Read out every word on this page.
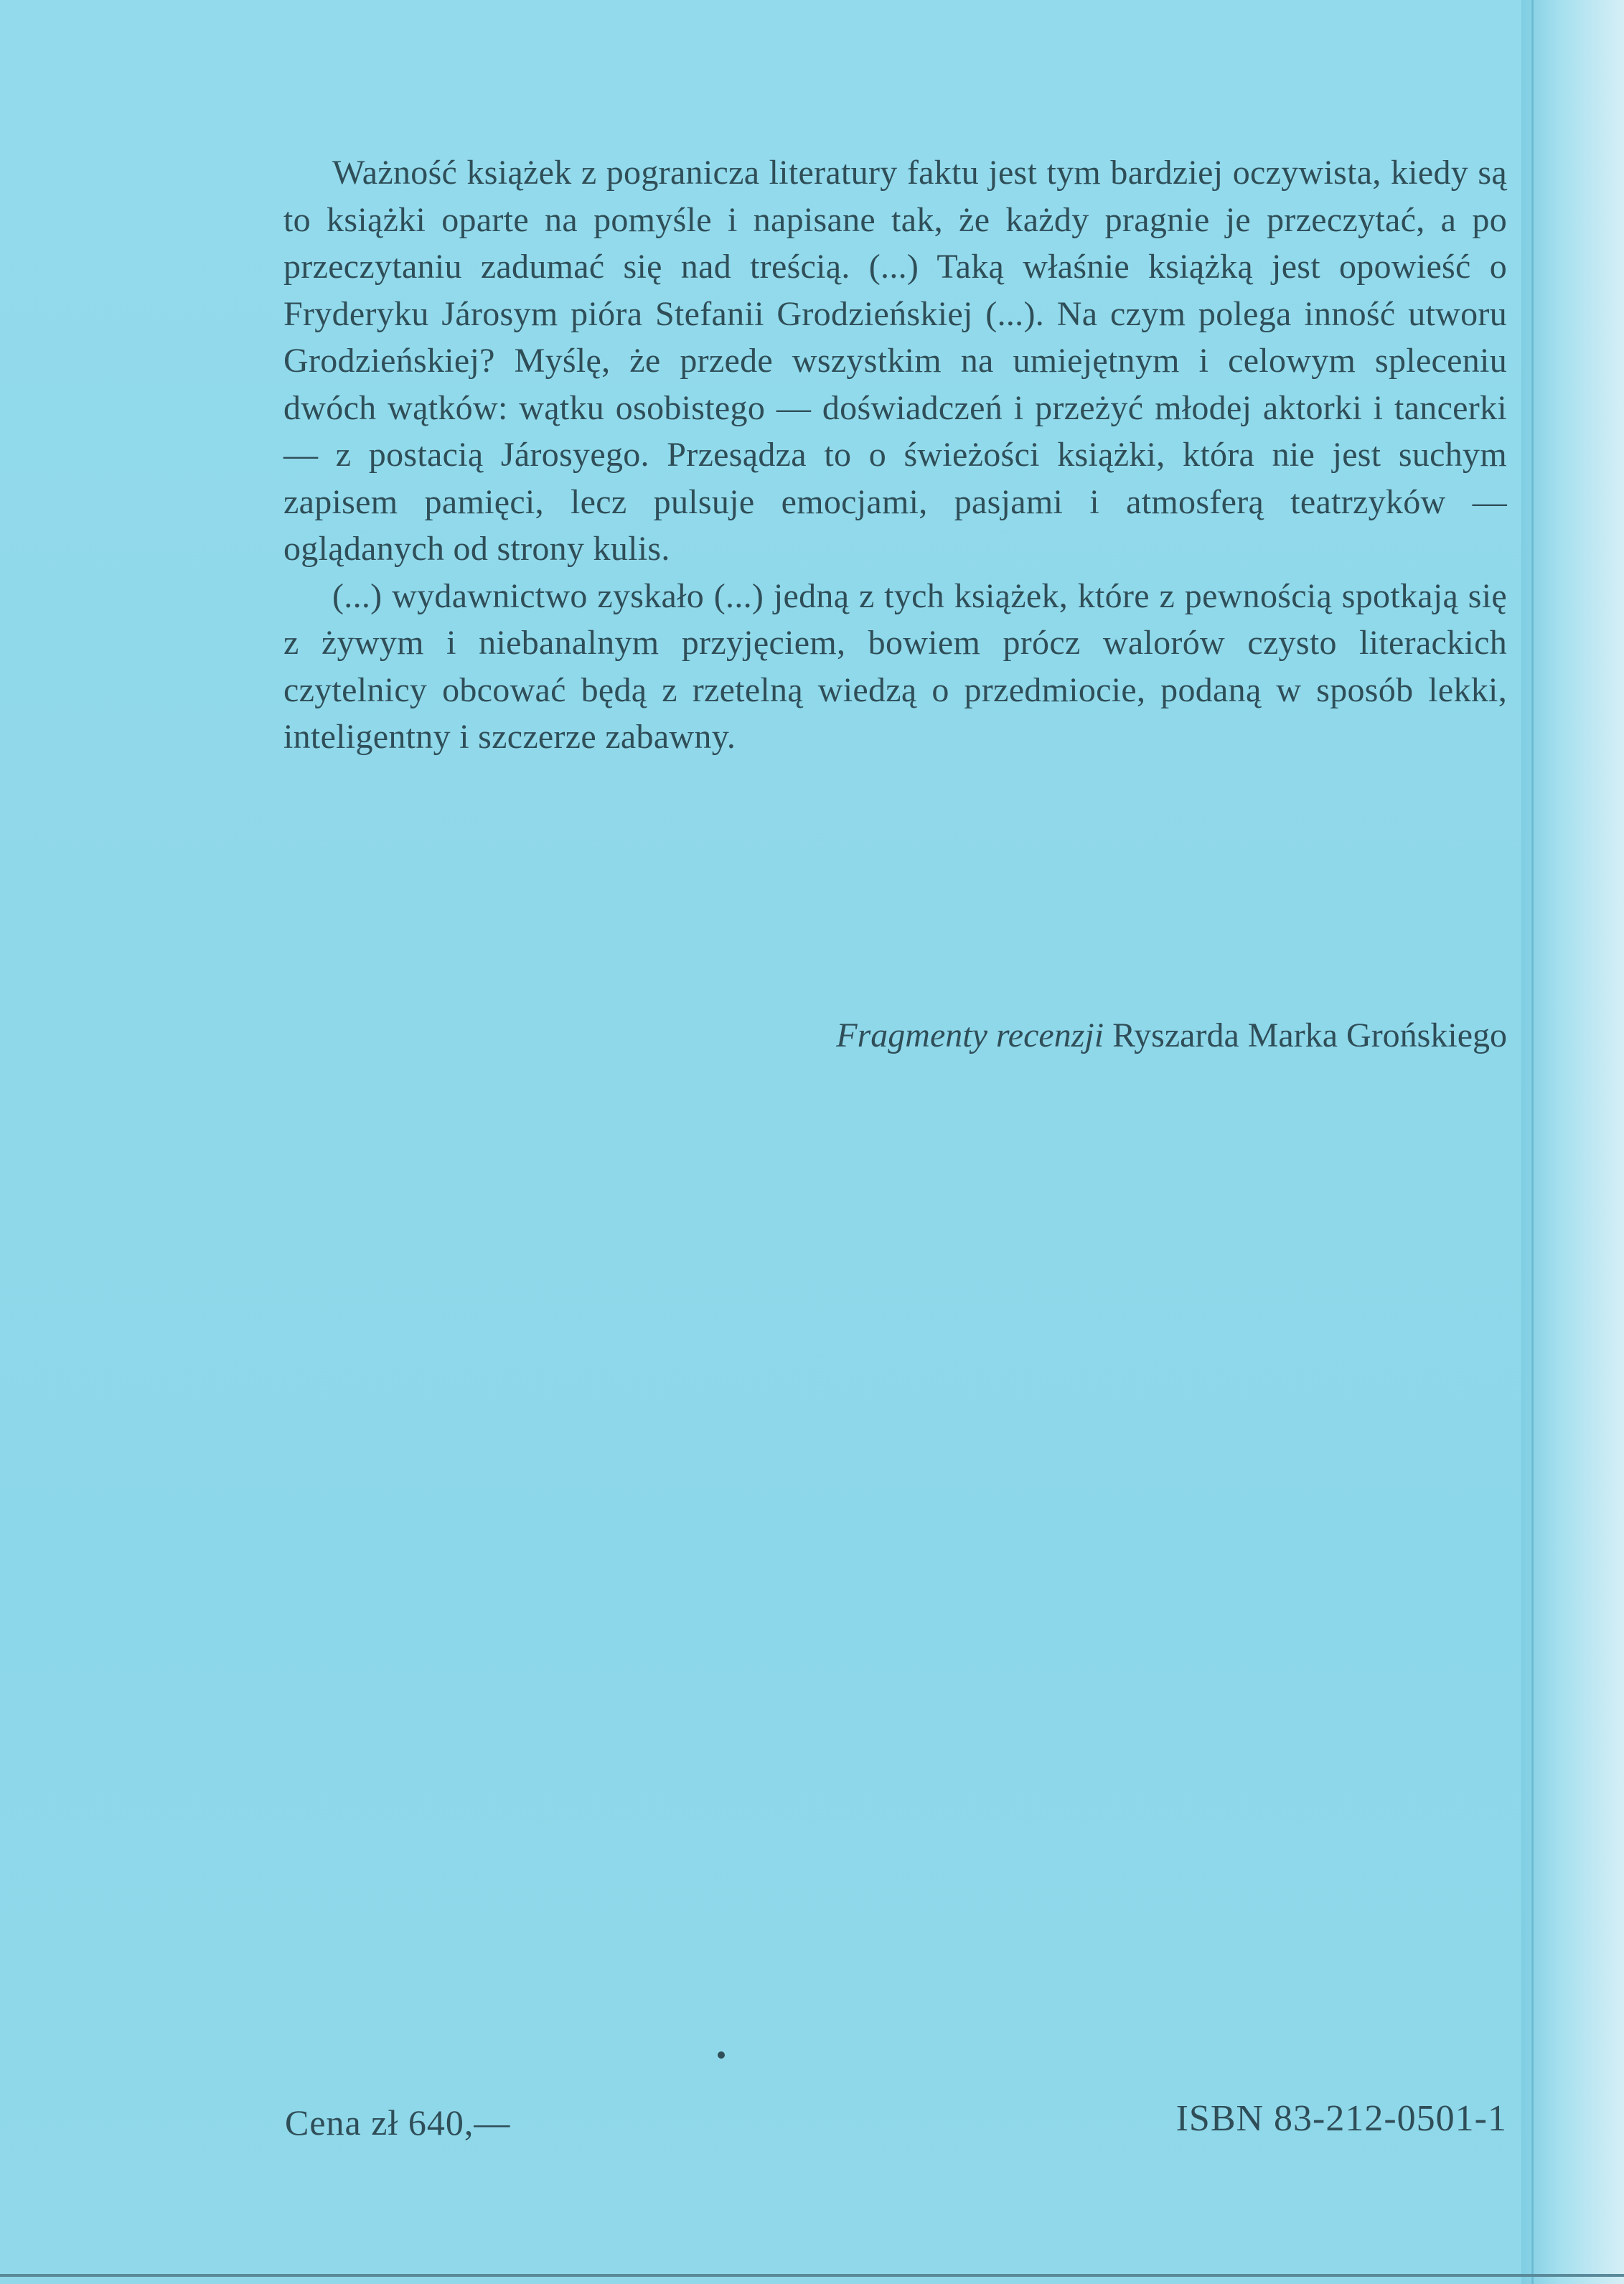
Ważność książek z pogranicza literatury faktu jest tym bardziej oczywista, kiedy są to książki oparte na pomyśle i napisane tak, że każdy pragnie je przeczytać, a po przeczytaniu zadumać się nad treścią. (...) Taką właśnie książką jest opowieść o Fryderyku Járosym pióra Stefanii Grodzieńskiej (...). Na czym polega inność utworu Grodzieńskiej? Myślę, że przede wszystkim na umiejętnym i celowym spleceniu dwóch wątków: wątku osobistego — doświadczeń i przeżyć młodej aktorki i tancerki — z postacią Járosyego. Przesądza to o świeżości książki, która nie jest suchym zapisem pamięci, lecz pulsuje emocjami, pasjami i atmosferą teatrzyków — oglądanych od strony kulis.

(...) wydawnictwo zyskało (...) jedną z tych książek, które z pewnością spotkają się z żywym i niebanalnym przyjęciem, bowiem prócz walorów czysto literackich czytelnicy obcować będą z rzetelną wiedzą o przedmiocie, podaną w sposób lekki, inteligentny i szczerze zabawny.

Fragmenty recenzji Ryszarda Marka Grońskiego
Cena zł 640,—	ISBN 83-212-0501-1
